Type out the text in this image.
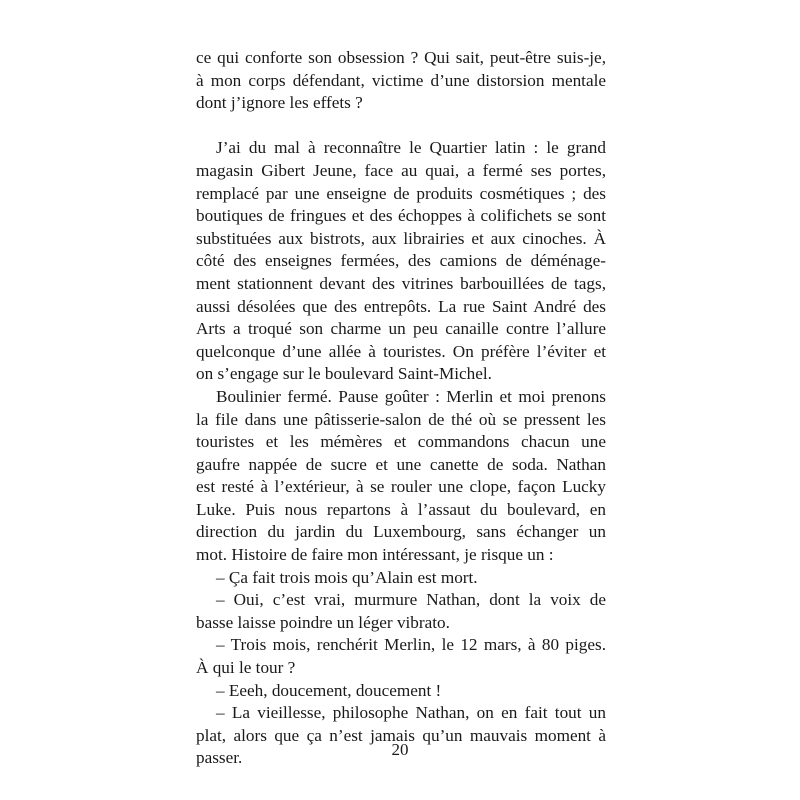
ce qui conforte son obsession ? Qui sait, peut-être suis-je,
à mon corps défendant, victime d’une distorsion mentale
dont j’ignore les effets ?
J’ai du mal à reconnaître le Quartier latin : le grand
magasin Gibert Jeune, face au quai, a fermé ses portes,
remplacé par une enseigne de produits cosmétiques ; des
boutiques de fringues et des échoppes à colifichets se sont
substituées aux bistrots, aux librairies et aux cinoches. À
côté des enseignes fermées, des camions de déménage-
ment stationnent devant des vitrines barbouillées de tags,
aussi désolées que des entrepôts. La rue Saint André des
Arts a troqué son charme un peu canaille contre l’allure
quelconque d’une allée à touristes. On préfère l’éviter et
on s’engage sur le boulevard Saint-Michel.
Boulinier fermé. Pause goûter : Merlin et moi prenons
la file dans une pâtisserie-salon de thé où se pressent les
touristes et les mémères et commandons chacun une
gaufre nappée de sucre et une canette de soda. Nathan
est resté à l’extérieur, à se rouler une clope, façon Lucky
Luke. Puis nous repartons à l’assaut du boulevard, en
direction du jardin du Luxembourg, sans échanger un
mot. Histoire de faire mon intéressant, je risque un :
– Ça fait trois mois qu’Alain est mort.
– Oui, c’est vrai, murmure Nathan, dont la voix de
basse laisse poindre un léger vibrato.
– Trois mois, renchérit Merlin, le 12 mars, à 80 piges.
À qui le tour ?
– Eeeh, doucement, doucement !
– La vieillesse, philosophe Nathan, on en fait tout un
plat, alors que ça n’est jamais qu’un mauvais moment à
passer.	20
